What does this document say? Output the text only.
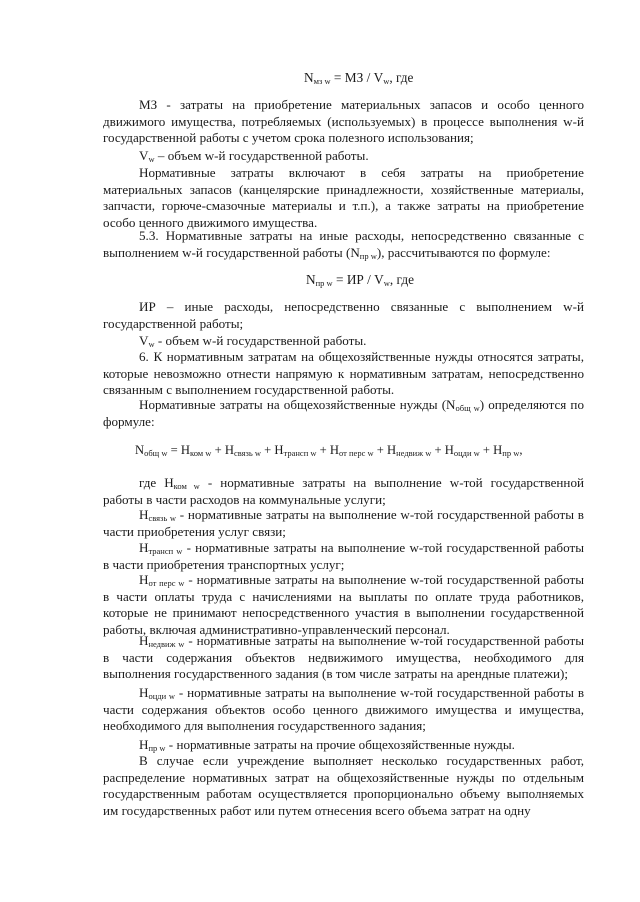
$N_{мз w}$ = МЗ / $V_w$, где

МЗ - затраты на приобретение материальных запасов и особо ценного движимого имущества, потребляемых (используемых) в процессе выполнения w-й государственной работы с учетом срока полезного использования;

$V_w$ – объем w-й государственной работы.

Нормативные затраты включают в себя затраты на приобретение материальных запасов (канцелярские принадлежности, хозяйственные материалы, запчасти, горюче-смазочные материалы и т.п.), а также затраты на приобретение особо ценного движимого имущества.

5.3. Нормативные затраты на иные расходы, непосредственно связанные с выполнением w-й государственной работы $(N_{пр w})$, рассчитываются по формуле:

$N_{пр w}$ = ИР / $V_w$, где

ИР – иные расходы, непосредственно связанные с выполнением w-й государственной работы;

$V_w$ - объем w-й государственной работы.

6. К нормативным затратам на общехозяйственные нужды относятся затраты, которые невозможно отнести напрямую к нормативным затратам, непосредственно связанным с выполнением государственной работы.

Нормативные затраты на общехозяйственные нужды $(N_{общ w})$ определяются по формуле:

$N_{общ w} = Н_{ком w} + Н_{связь w} + Н_{трансп w} + Н_{от перс w} + Н_{недвиж w} + Н_{оцди w} + Н_{пр w}$,

где $Н_{ком w}$ - нормативные затраты на выполнение w-той государственной работы в части расходов на коммунальные услуги;

$Н_{связь w}$ - нормативные затраты на выполнение w-той государственной работы в части приобретения услуг связи;

$Н_{трансп w}$ - нормативные затраты на выполнение w-той государственной работы в части приобретения транспортных услуг;

$Н_{от перс w}$ - нормативные затраты на выполнение w-той государственной работы в части оплаты труда с начислениями на выплаты по оплате труда работников, которые не принимают непосредственного участия в выполнении государственной работы, включая административно-управленческий персонал.

$Н_{недвиж w}$ - нормативные затраты на выполнение w-той государственной работы в части содержания объектов недвижимого имущества, необходимого для выполнения государственного задания (в том числе затраты на арендные платежи);

$Н_{оцди w}$ - нормативные затраты на выполнение w-той государственной работы в части содержания объектов особо ценного движимого имущества и имущества, необходимого для выполнения государственного задания;

$Н_{пр w}$ - нормативные затраты на прочие общехозяйственные нужды.

В случае если учреждение выполняет несколько государственных работ, распределение нормативных затрат на общехозяйственные нужды по отдельным государственным работам осуществляется пропорционально объему выполняемых им государственных работ или путем отнесения всего объема затрат на одну
